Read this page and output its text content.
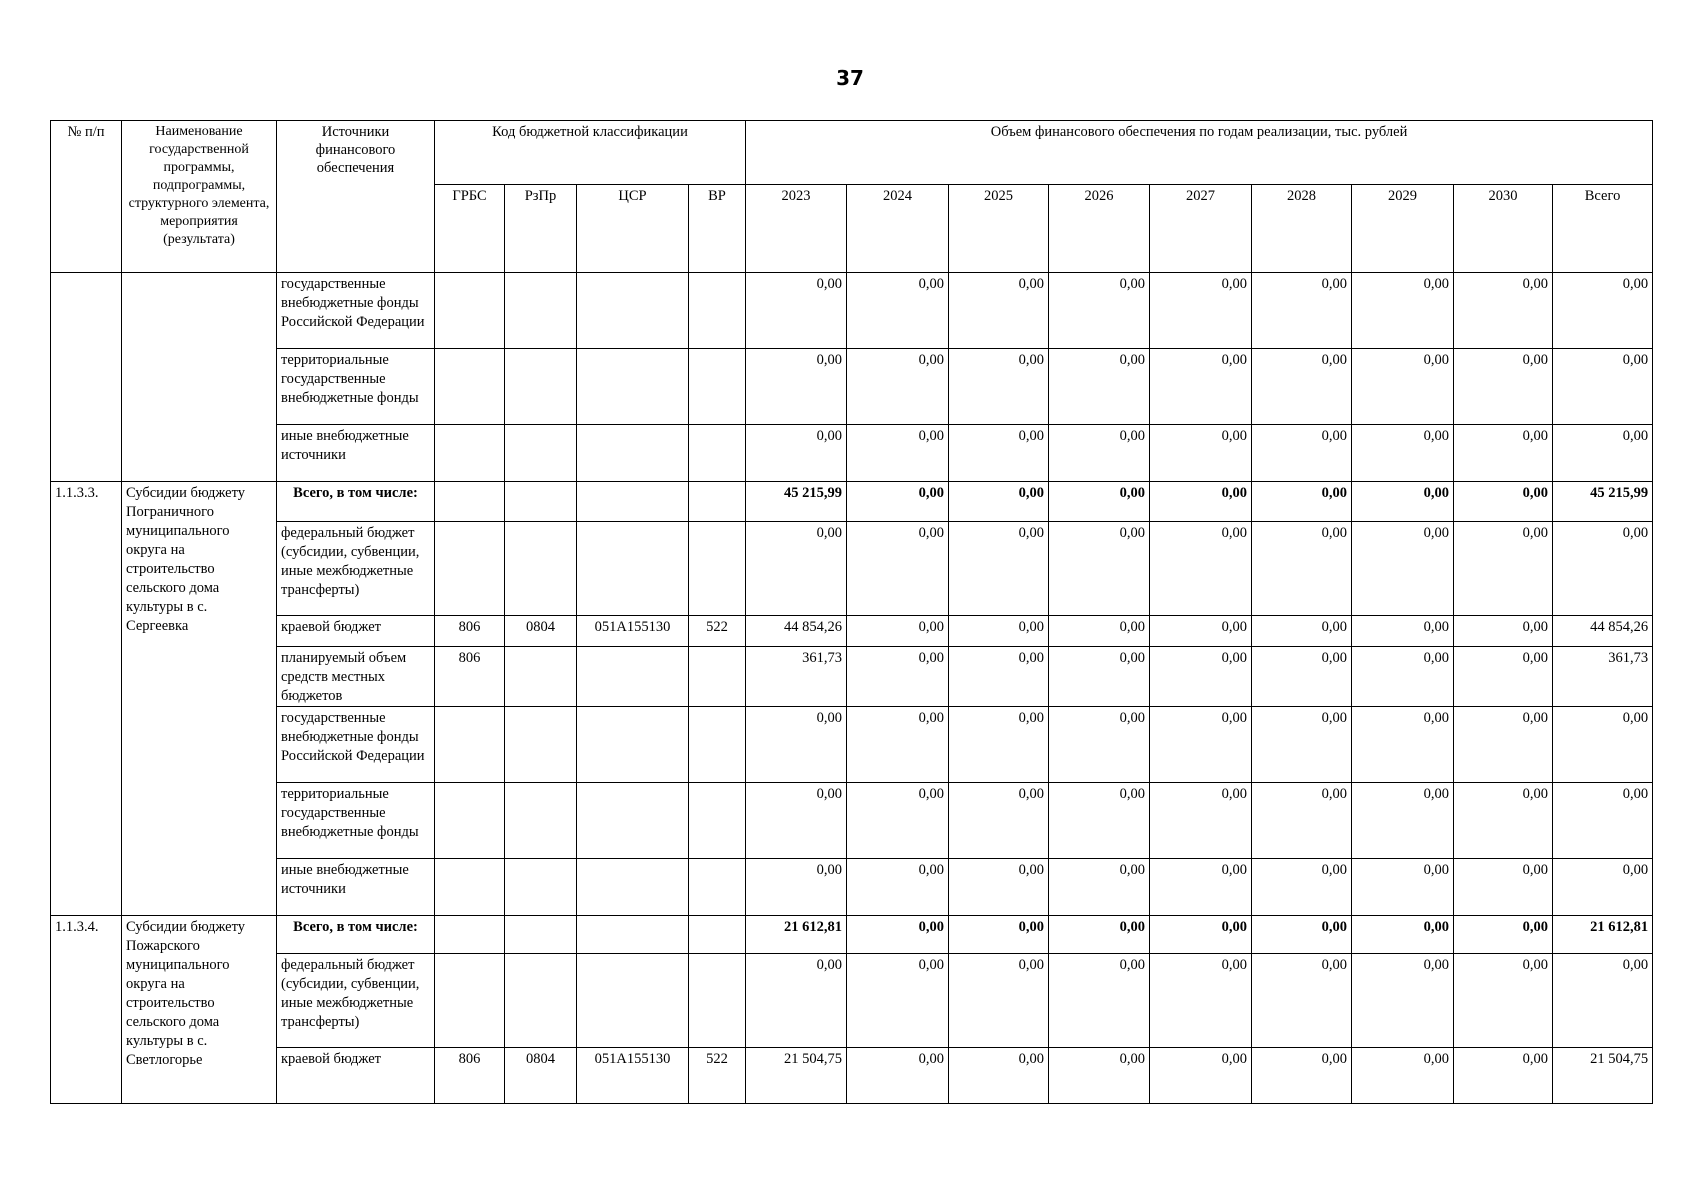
37
№ п/п	Наименование государственной программы, подпрограммы, структурного элемента, мероприятия (результата)	Источники финансового обеспечения	Код бюджетной классификации				Объем финансового обеспечения по годам реализации, тыс. рублей								
			ГРБС	РзПр	ЦСР	ВР	2023	2024	2025	2026	2027	2028	2029	2030	Всего
		государственные внебюджетные фонды Российской Федерации					0,00	0,00	0,00	0,00	0,00	0,00	0,00	0,00	0,00
		территориальные государственные внебюджетные фонды					0,00	0,00	0,00	0,00	0,00	0,00	0,00	0,00	0,00
		иные внебюджетные источники					0,00	0,00	0,00	0,00	0,00	0,00	0,00	0,00	0,00
1.1.3.3.	Субсидии бюджету Пограничного муниципального округа на строительство сельского дома культуры в с. Сергеевка	Всего, в том числе:					45 215,99	0,00	0,00	0,00	0,00	0,00	0,00	0,00	45 215,99
		федеральный бюджет (субсидии, субвенции, иные межбюджетные трансферты)					0,00	0,00	0,00	0,00	0,00	0,00	0,00	0,00	0,00
		краевой бюджет	806	0804	051А155130	522	44 854,26	0,00	0,00	0,00	0,00	0,00	0,00	0,00	44 854,26
		планируемый объем средств местных бюджетов	806				361,73	0,00	0,00	0,00	0,00	0,00	0,00	0,00	361,73
		государственные внебюджетные фонды Российской Федерации					0,00	0,00	0,00	0,00	0,00	0,00	0,00	0,00	0,00
		территориальные государственные внебюджетные фонды					0,00	0,00	0,00	0,00	0,00	0,00	0,00	0,00	0,00
		иные внебюджетные источники					0,00	0,00	0,00	0,00	0,00	0,00	0,00	0,00	0,00
1.1.3.4.	Субсидии бюджету Пожарского муниципального округа на строительство сельского дома культуры в с. Светлогорье	Всего, в том числе:					21 612,81	0,00	0,00	0,00	0,00	0,00	0,00	0,00	21 612,81
		федеральный бюджет (субсидии, субвенции, иные межбюджетные трансферты)					0,00	0,00	0,00	0,00	0,00	0,00	0,00	0,00	0,00
		краевой бюджет	806	0804	051А155130	522	21 504,75	0,00	0,00	0,00	0,00	0,00	0,00	0,00	21 504,75
